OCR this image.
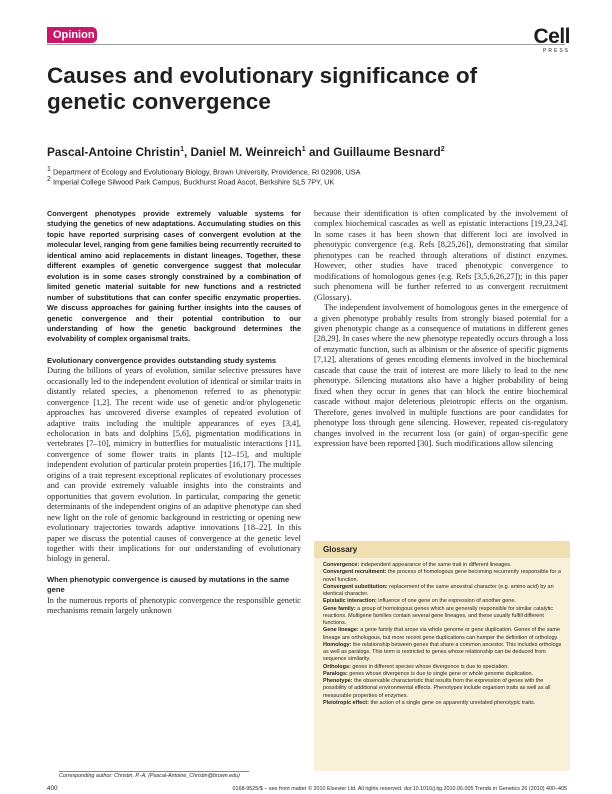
Opinion	Cell
PRESS
Causes and evolutionary significance of genetic convergence
Pascal-Antoine Christin$^1$, Daniel M. Weinreich$^1$ and Guillaume Besnard$^2$
$^1$ Department of Ecology and Evolutionary Biology, Brown University, Providence, RI 02906, USA
$^2$ Imperial College Silwood Park Campus, Buckhurst Road Ascot, Berkshire SL5 7PY, UK
Convergent phenotypes provide extremely valuable systems for studying the genetics of new adaptations. Accumulating studies on this topic have reported surprising cases of convergent evolution at the molecular level, ranging from gene families being recurrently recruited to identical amino acid replacements in distant lineages. Together, these different examples of genetic convergence suggest that molecular evolution is in some cases strongly constrained by a combination of limited genetic material suitable for new functions and a restricted number of substitutions that can confer specific enzymatic properties. We discuss approaches for gaining further insights into the causes of genetic convergence and their potential contribution to our understanding of how the genetic background determines the evolvability of complex organismal traits.
Evolutionary convergence provides outstanding study systems

During the billions of years of evolution, similar selective pressures have occasionally led to the independent evolution of identical or similar traits in distantly related species, a phenomenon referred to as phenotypic convergence [1,2]. The recent wide use of genetic and/or phylogenetic approaches has uncovered diverse examples of repeated evolution of adaptive traits including the multiple appearances of eyes [3,4], echolocation in bats and dolphins [5,6], pigmentation modifications in vertebrates [7–10], mimicry in butterflies for mutualistic interactions [11], convergence of some flower traits in plants [12–15], and multiple independent evolution of particular protein properties [16,17]. The multiple origins of a trait represent exceptional replicates of evolutionary processes and can provide extremely valuable insights into the constraints and opportunities that govern evolution. In particular, comparing the genetic determinants of the independent origins of an adaptive phenotype can shed new light on the role of genomic background in restricting or opening new evolutionary trajectories towards adaptive innovations [18–22]. In this paper we discuss the potential causes of convergence at the genetic level together with their implications for our understanding of evolutionary biology in general.

When phenotypic convergence is caused by mutations in the same gene

In the numerous reports of phenotypic convergence the responsible genetic mechanisms remain largely unknown

because their identification is often complicated by the involvement of complex biochemical cascades as well as epistatic interactions [19,23,24]. In some cases it has been shown that different loci are involved in phenotypic convergence (e.g. Refs [8,25,26]), demonstrating that similar phenotypes can be reached through alterations of distinct enzymes. However, other studies have traced phenotypic convergence to modifications of homologous genes (e.g. Refs [3,5,6,26,27]); in this paper such phenomena will be further referred to as convergent recruitment (Glossary).

The independent involvement of homologous genes in the emergence of a given phenotype probably results from strongly biased potential for a given phenotypic change as a consequence of mutations in different genes [28,29]. In cases where the new phenotype repeatedly occurs through a loss of enzymatic function, such as albinism or the absence of specific pigments [7,12], alterations of genes encoding elements involved in the biochemical cascade that cause the trait of interest are more likely to lead to the new phenotype. Silencing mutations also have a higher probability of being fixed when they occur in genes that can block the entire biochemical cascade without major deleterious pleiotropic effects on the organism. Therefore, genes involved in multiple functions are poor candidates for phenotype loss through gene silencing. However, repeated cis-regulatory changes involved in the recurrent loss (or gain) of organ-specific gene expression have been reported [30]. Such modifications allow silencing

Glossary
Convergence: independent appearance of the same trait in different lineages.
Convergent recruitment: the process of homologous gene becoming recurrently responsible for a novel function.
Convergent substitution: replacement of the same ancestral character (e.g. amino acid) by an identical character.
Epistatic interaction: influence of one gene on the expression of another gene.
Gene family: a group of homologous genes which are generally responsible for similar catalytic reactions. Multigene families contain several gene lineages, and these usually fulfill different functions.
Gene lineage: a gene family that arose via whole genome or gene duplication. Genes of the same lineage are orthologous, but more recent gene duplications can hamper the definition of orthology.
Homology: the relationship between genes that share a common ancestor. This includes orthologs as well as paralogs. This term is restricted to genes whose relationship can be deduced from sequence similarity.
Orthologs: genes in different species whose divergence is due to speciation.
Paralogs: genes whose divergence is due to single gene or whole genome duplication.
Phenotype: the observable characteristic that results from the expression of genes with the possibility of additional environmental effects. Phenotypes include organism traits as well as all measurable properties of enzymes.
Pleiotropic effect: the action of a single gene on apparently unrelated phenotypic traits.
Corresponding author: Christin, P.-A. (Pascal-Antoine_Christin@brown.edu)
400	0168-9525/$ – see front matter © 2010 Elsevier Ltd. All rights reserved. doi:10.1016/j.tig.2010.06.005 Trends in Genetics 26 (2010) 400–405
